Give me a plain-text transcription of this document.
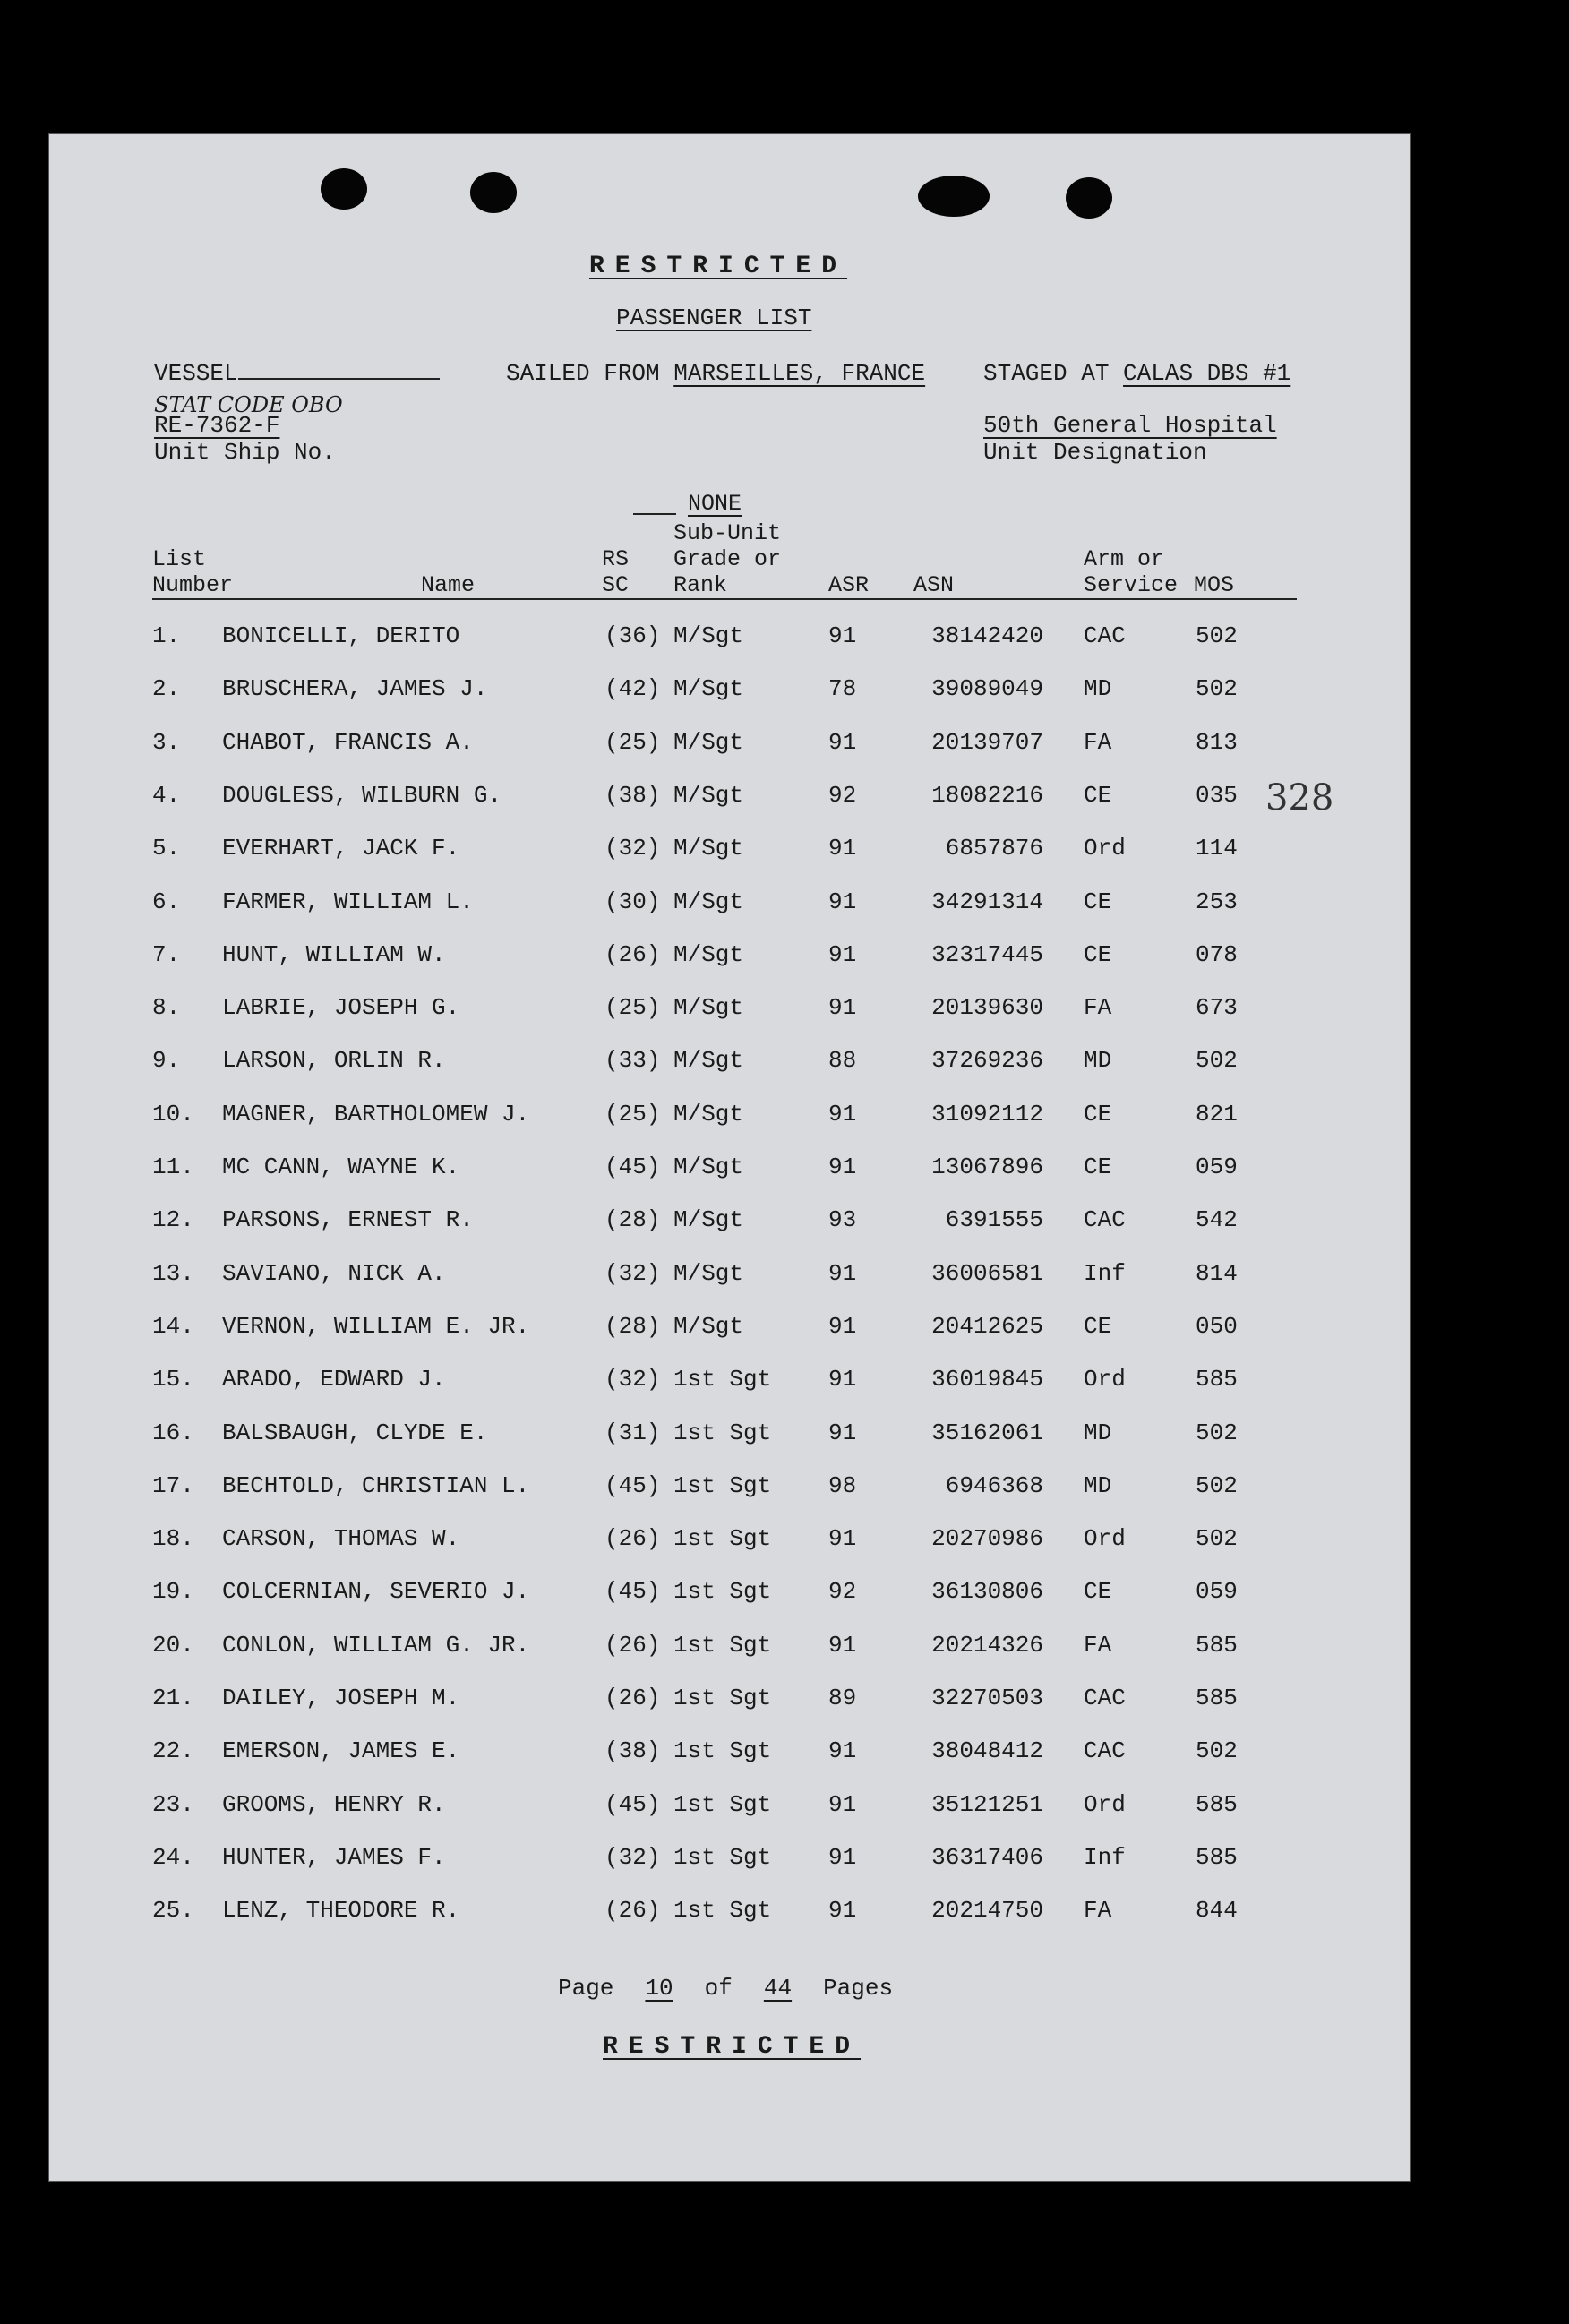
RESTRICTED
PASSENGER LIST
VESSEL	SAILED FROM MARSEILLES, FRANCE STAGED AT CALAS DBS #1
STAT CODE OBO
RE-7362-F
Unit Ship No.
50th General Hospital
Unit Designation
NONE
List
Number	Name
RS
SC
Sub-Unit
Grade or
Rank	ASR ASN
Arm or
Service MOS
1. BONICELLI, DERITO	(36) M/Sgt	91	38142420 CAC	502
2. BRUSCHERA, JAMES J.	(42) M/Sgt	78	39089049 MD	502
3. CHABOT, FRANCIS A.	(25) M/Sgt	91	20139707 FA	813
4. DOUGLESS, WILBURN G.	(38) M/Sgt	92	18082216 CE	035
5. EVERHART, JACK F.	(32) M/Sgt	91	6857876 Ord	114
6. FARMER, WILLIAM L.	(30) M/Sgt	91	34291314 CE	253
7. HUNT, WILLIAM W.	(26) M/Sgt	91	32317445 CE	078
8. LABRIE, JOSEPH G.	(25) M/Sgt	91	20139630 FA	673
9. LARSON, ORLIN R.	(33) M/Sgt	88	37269236 MD	502
10. MAGNER, BARTHOLOMEW J.	(25) M/Sgt	91	31092112 CE	821
11. MC CANN, WAYNE K.	(45) M/Sgt	91	13067896 CE	059
12. PARSONS, ERNEST R.	(28) M/Sgt	93	6391555 CAC	542
13. SAVIANO, NICK A.	(32) M/Sgt	91	36006581 Inf	814
14. VERNON, WILLIAM E. JR.	(28) M/Sgt	91	20412625 CE	050
15. ARADO, EDWARD J.	(32) 1st Sgt 91	36019845 Ord	585
16. BALSBAUGH, CLYDE E.	(31) 1st Sgt 91	35162061 MD	502
17. BECHTOLD, CHRISTIAN L.	(45) 1st Sgt 98	6946368 MD	502
18. CARSON, THOMAS W.	(26) 1st Sgt 91	20270986 Ord	502
19. COLCERNIAN, SEVERIO J.	(45) 1st Sgt 92	36130806 CE	059
20. CONLON, WILLIAM G. JR.	(26) 1st Sgt 91	20214326 FA	585
21. DAILEY, JOSEPH M.	(26) 1st Sgt 89	32270503 CAC	585
22. EMERSON, JAMES E.	(38) 1st Sgt 91	38048412 CAC	502
23. GROOMS, HENRY R.	(45) 1st Sgt 91	35121251 Ord	585
24. HUNTER, JAMES F.	(32) 1st Sgt 91	36317406 Inf	585
25. LENZ, THEODORE R.	(26) 1st Sgt 91	20214750 FA	844
328
Page 10 of 44 Pages
RESTRICTED
